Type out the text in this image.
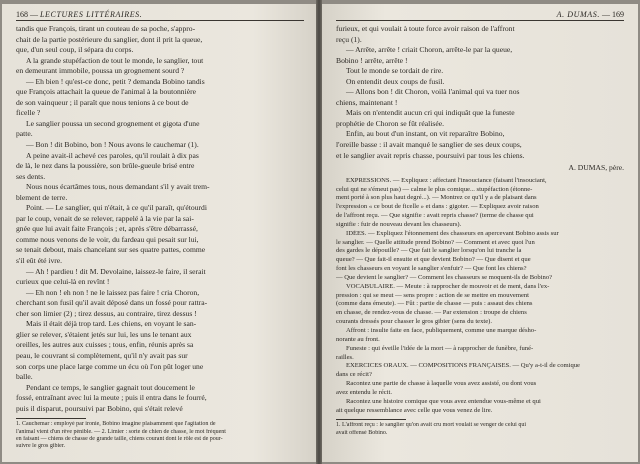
168 — LECTURES LITTÉRAIRES.

tandis que François, tirant un couteau de sa poche, s'appro-

chait de la partie postérieure du sanglier, dont il prit la queue,

que, d'un seul coup, il sépara du corps.

A la grande stupéfaction de tout le monde, le sanglier, tout

en demeurant immobile, poussa un grognement sourd ?

— Eh bien ! qu'est-ce donc, petit ? demanda Bobino tandis

que François attachait la queue de l'animal à la boutonnière

de son vainqueur ; il paraît que nous tenions à ce bout de

ficelle ?

Le sanglier poussa un second grognement et gigota d'une

patte.

— Bon ! dit Bobino, bon ! Nous avons le cauchemar (1).

A peine avait-il achevé ces paroles, qu'il roulait à dix pas

de là, le nez dans la poussière, son brûle-gueule brisé entre

ses dents.

Nous nous écartâmes tous, nous demandant s'il y avait trem-

blement de terre.

Point. — Le sanglier, qui n'était, à ce qu'il paraît, qu'étourdi

par le coup, venait de se relever, rappelé à la vie par la sai-

gnée que lui avait faite François ; et, après s'être débarrassé,

comme nous venons de le voir, du fardeau qui pesait sur lui,

se tenait debout, mais chancelant sur ses quatre pattes, comme

s'il eût été ivre.

— Ah ! pardieu ! dit M. Devolaine, laissez-le faire, il serait

curieux que celui-là en revînt !

— Eh non ! eh non ! ne le laissez pas faire ! cria Choron,

cherchant son fusil qu'il avait déposé dans un fossé pour rattra-

cher son limier (2) ; tirez dessus, au contraire, tirez dessus !

Mais il était déjà trop tard. Les chiens, en voyant le san-

glier se relever, s'étaient jetés sur lui, les uns le tenant aux

oreilles, les autres aux cuisses ; tous, enfin, réunis après sa

peau, le couvrant si complètement, qu'il n'y avait pas sur

son corps une place large comme un écu où l'on pût loger une

balle.

Pendant ce temps, le sanglier gagnait tout doucement le

fossé, entraînant avec lui la meute ; puis il entra dans le fourré,

puis il disparut, poursuivi par Bobino, qui s'était relevé

1. Cauchemar : employé par ironie, Bobino imagine plaisamment que l'agitation de

l'animal vient d'un rêve pénible. — 2. Limier : sorte de chien de chasse, le mot fréquent

en faisant — chiens de chasse de grande taille, chiens courant dont le rôle est de pour-

suivre le gros gibier.

A. DUMAS. — 169

furieux, et qui voulait à toute force avoir raison de l'affront

reçu (1).

— Arrête, arrête ! criait Choron, arrête-le par la queue,

Bobino ! arrête, arrête !

Tout le monde se tordait de rire.

On entendit deux coups de fusil.

— Allons bon ! dit Choron, voilà l'animal qui va tuer nos

chiens, maintenant !

Mais on n'entendit aucun cri qui indiquât que la funeste

prophétie de Choron se fût réalisée.

Enfin, au bout d'un instant, on vit reparaître Bobino,

l'oreille basse : il avait manqué le sanglier de ses deux coups,

et le sanglier avait repris chasse, poursuivi par tous les chiens.

A. DUMAS, père.

EXPRESSIONS. — Expliquez : affectant l'insouciance (faisant l'insouciant,

celui qui ne s'émeut pas) — calme le plus comique... stupéfaction (étonne-

ment porté à son plus haut degré...). — Montrez ce qu'il y a de plaisant dans

l'expression « ce bout de ficelle » et dans : gigoter. — Expliquez avoir raison

de l'affront reçu. — Que signifie : avait repris chasse? (terme de chasse qui

signifie : fuir de nouveau devant les chasseurs).

IDÉES. — Expliquez l'étonnement des chasseurs en apercevant Bobino assis sur

le sanglier. — Quelle attitude prend Bobino? — Comment et avec quoi l'un

des gardes le dépouille? — Que fait le sanglier lorsqu'on lui tranche la

queue? — Que fait-il ensuite et que devient Bobino? — Que disent et que

font les chasseurs en voyant le sanglier s'enfuir? — Que font les chiens?

— Que devient le sanglier? — Comment les chasseurs se moquent-ils de Bobino?

VOCABULAIRE. — Meute : à rapprocher de mouvoir et de ment, dans l'ex-

pression : qui se meut — sens propre : action de se mettre en mouvement

(comme dans émeute). — Fût : partie de chasse — puis : assaut des chiens

en chasse, de rendez-vous de chasse. — Par extension : troupe de chiens

courants dressés pour chasser le gros gibier (sens du texte).

Affront : insulte faite en face, publiquement, comme une marque désho-

norante au front.

Funeste : qui éveille l'idée de la mort — à rapprocher de funèbre, funé-

railles.

EXERCICES ORAUX. — COMPOSITIONS FRANÇAISES. — Qu'y a-t-il de comique

dans ce récit?

Racontez une partie de chasse à laquelle vous avez assisté, ou dont vous

avez entendu le récit.

Racontez une histoire comique que vous avez entendue vous-même et qui

ait quelque ressemblance avec celle que vous venez de lire.

1. L'affront reçu : le sanglier qu'on avait cru mort voulait se venger de celui qui

avait offensé Bobino.
